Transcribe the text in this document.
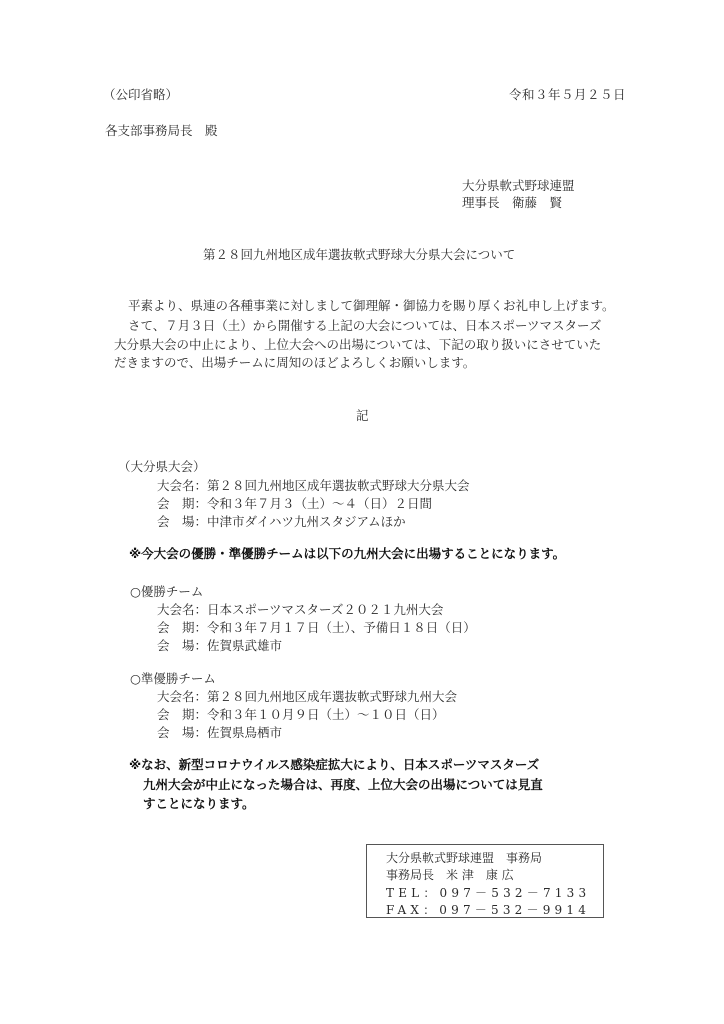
（公印省略）	令和３年５月２５日
各支部事務局長　殿
大分県軟式野球連盟
理事長　衛藤　賢
第２８回九州地区成年選抜軟式野球大分県大会について
平素より、県連の各種事業に対しまして御理解・御協力を賜り厚くお礼申し上げます。
さて、７月３日（土）から開催する上記の大会については、日本スポーツマスターズ
大分県大会の中止により、上位大会への出場については、下記の取り扱いにさせていた
だきますので、出場チームに周知のほどよろしくお願いします。
記
（大分県大会）
大会名：第２８回九州地区成年選抜軟式野球大分県大会
会　期：令和３年７月３（土）～４（日）２日間
会　場：中津市ダイハツ九州スタジアムほか
※今大会の優勝・準優勝チームは以下の九州大会に出場することになります。
○優勝チーム
大会名：日本スポーツマスターズ２０２１九州大会
会　期：令和３年７月１７日（土）、予備日１８日（日）
会　場：佐賀県武雄市
○準優勝チーム
大会名：第２８回九州地区成年選抜軟式野球九州大会
会　期：令和３年１０月９日（土）～１０日（日）
会　場：佐賀県鳥栖市
※なお、新型コロナウイルス感染症拡大により、日本スポーツマスターズ
九州大会が中止になった場合は、再度、上位大会の出場については見直
すことになります。
大分県軟式野球連盟　事務局
事務局長　米 津　康 広
TEL：097－532－7133
FAX：097－532－9914
